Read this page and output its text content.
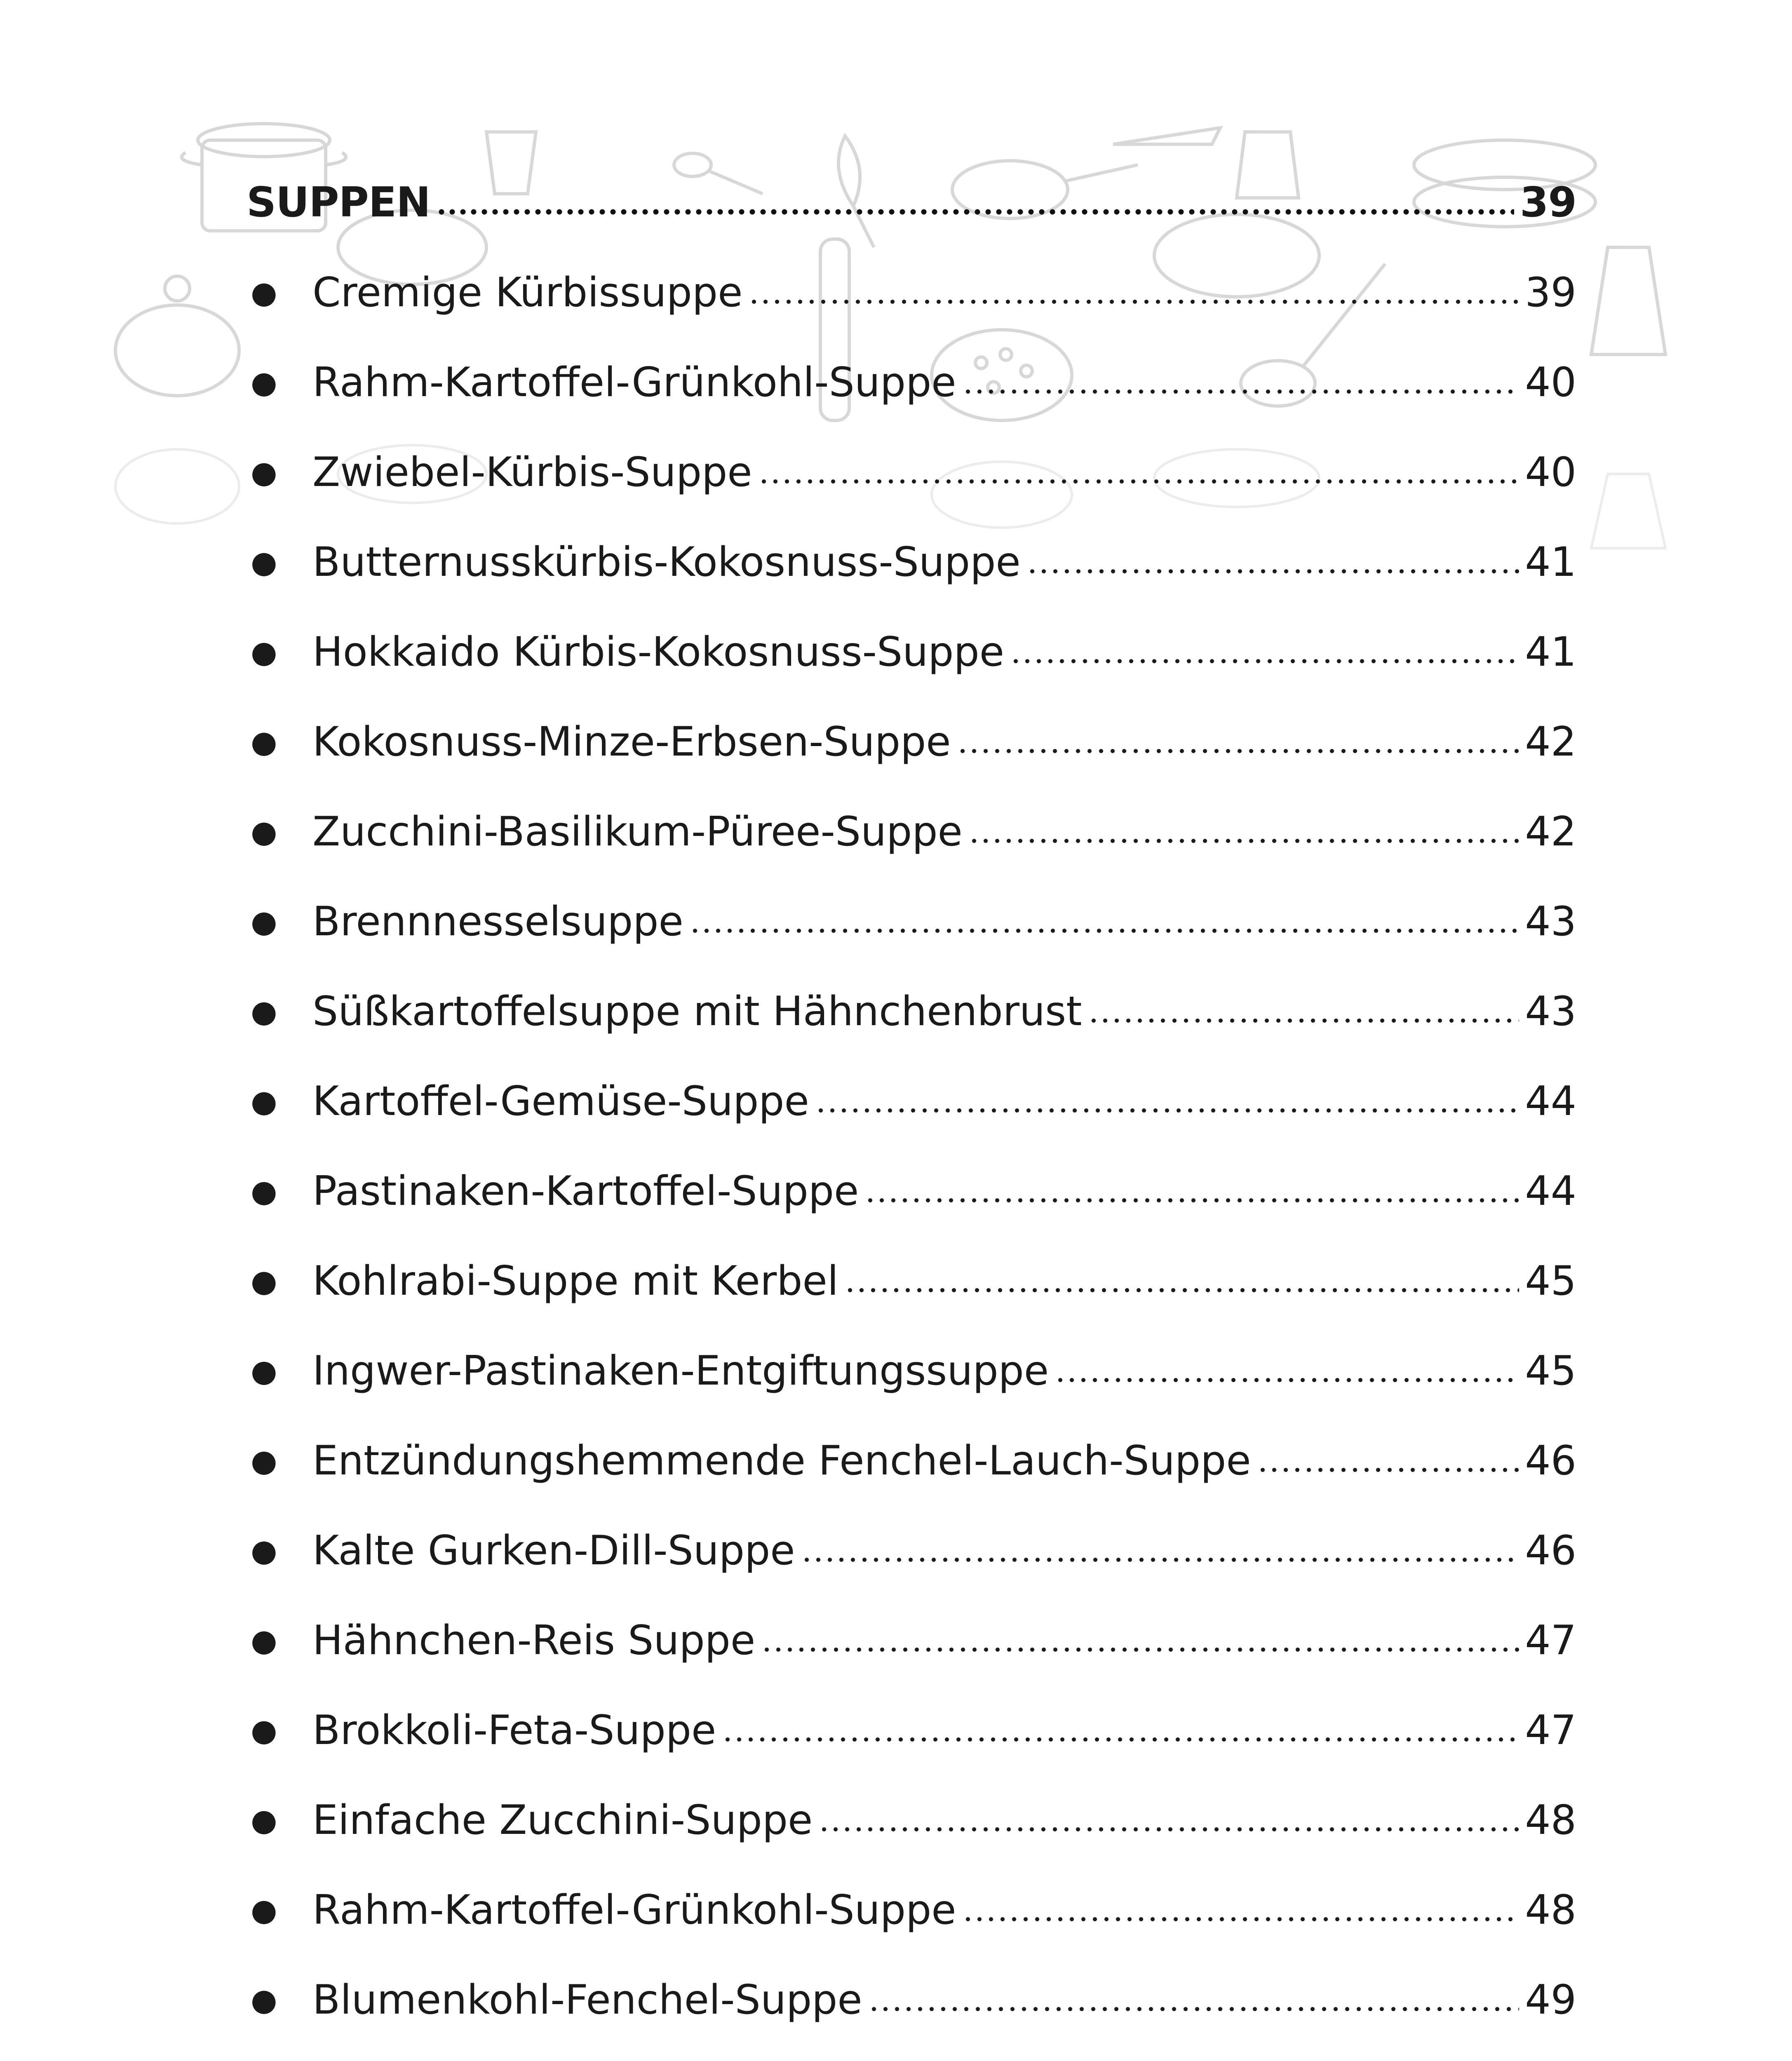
SUPPEN	39
● Cremige Kürbissuppe	39
● Rahm-Kartoffel-Grünkohl-Suppe	40
● Zwiebel-Kürbis-Suppe	40
● Butternusskürbis-Kokosnuss-Suppe	41
● Hokkaido Kürbis-Kokosnuss-Suppe	41
● Kokosnuss-Minze-Erbsen-Suppe	42
● Zucchini-Basilikum-Püree-Suppe	42
● Brennnesselsuppe	43
● Süßkartoffelsuppe mit Hähnchenbrust	43
● Kartoffel-Gemüse-Suppe	44
● Pastinaken-Kartoffel-Suppe	44
● Kohlrabi-Suppe mit Kerbel	45
● Ingwer-Pastinaken-Entgiftungssuppe	45
● Entzündungshemmende Fenchel-Lauch-Suppe	46
● Kalte Gurken-Dill-Suppe	46
● Hähnchen-Reis Suppe	47
● Brokkoli-Feta-Suppe	47
● Einfache Zucchini-Suppe	48
● Rahm-Kartoffel-Grünkohl-Suppe	48
● Blumenkohl-Fenchel-Suppe	49
